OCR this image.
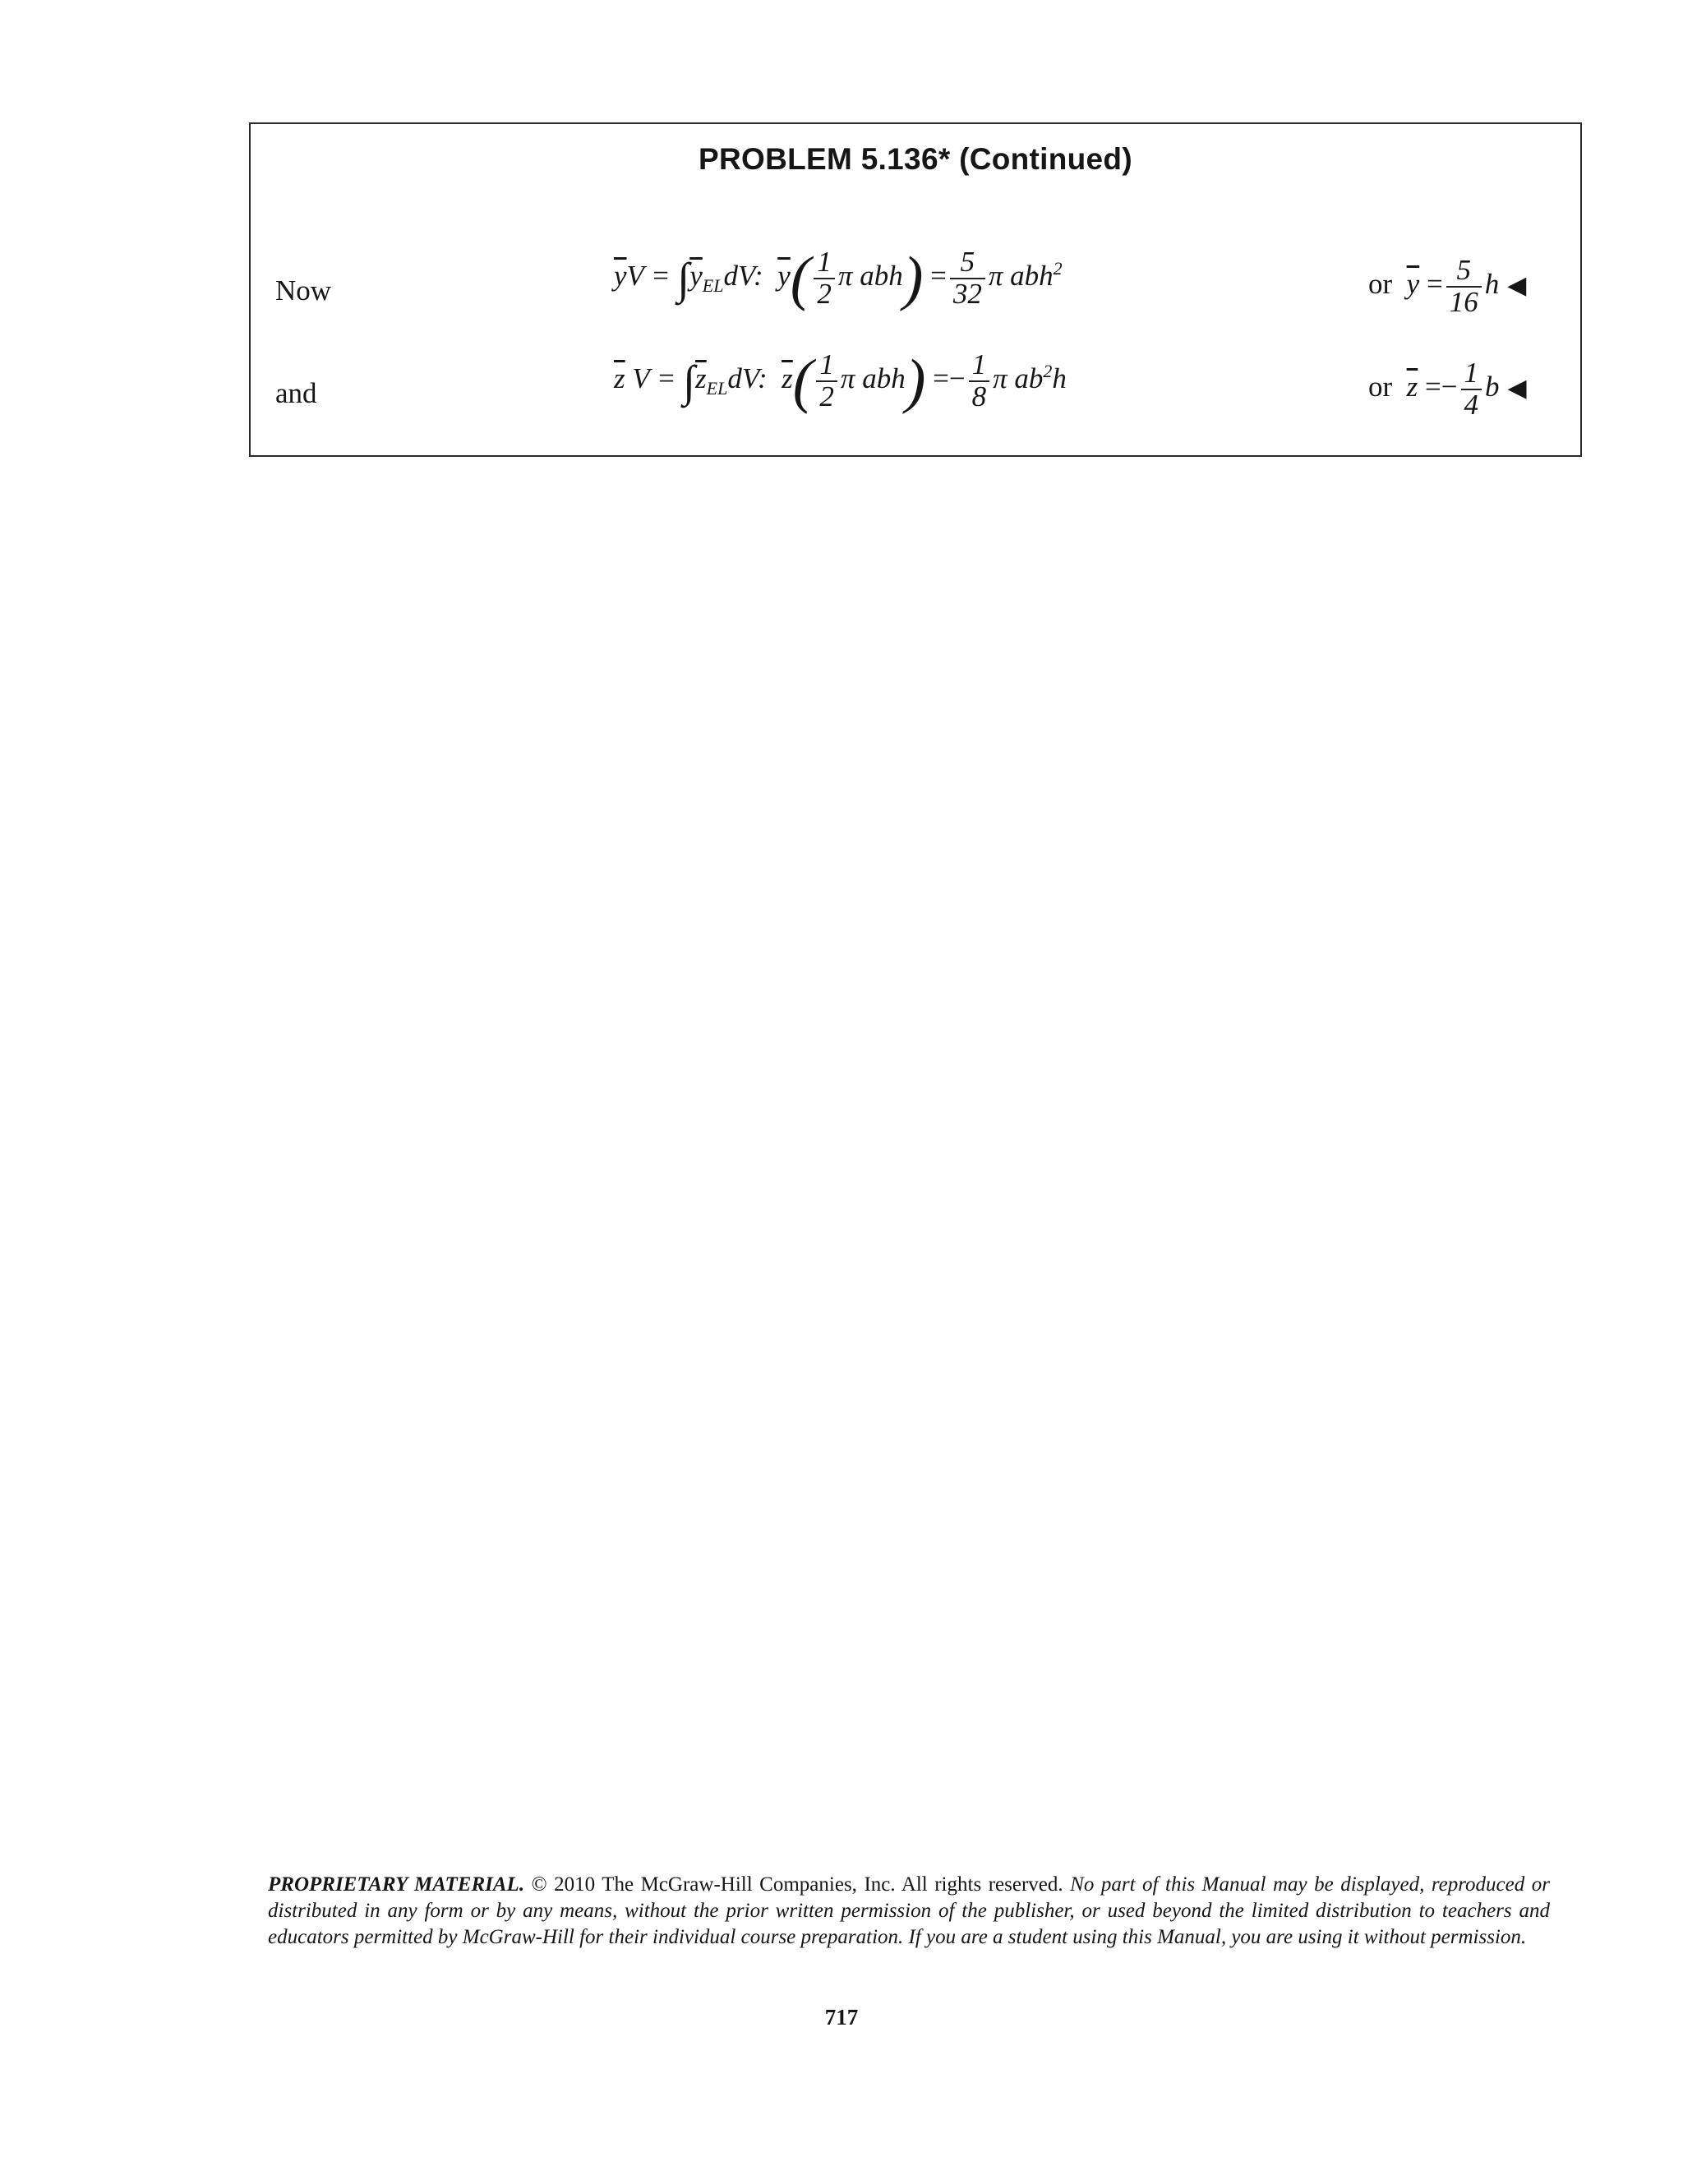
PROBLEM 5.136* (Continued)
Now	$\overline{y}V = \int\overline{y}_{EL}dV$: $\overline{y}( \frac{1}{2}$ π $abh) = \frac{5}{32}$ π abh$^2$	or $\overline{y} = \frac{5}{16}$ h ◀
and	$\overline{z}$ $V = \int\overline{z}_{EL}dV$: $\overline{z}( \frac{1}{2}$ π $abh) =- \frac{1}{8}$ π $ab^2h$	or $\overline{z} =- \frac{1}{4}$ b ◀
PROPRIETARY MATERIAL. © 2010 The McGraw-Hill Companies, Inc. All rights reserved. No part of this Manual may be displayed, reproduced or distributed in any form or by any means, without the prior written permission of the publisher, or used beyond the limited distribution to teachers and educators permitted by McGraw-Hill for their individual course preparation. If you are a student using this Manual, you are using it without permission.
717
